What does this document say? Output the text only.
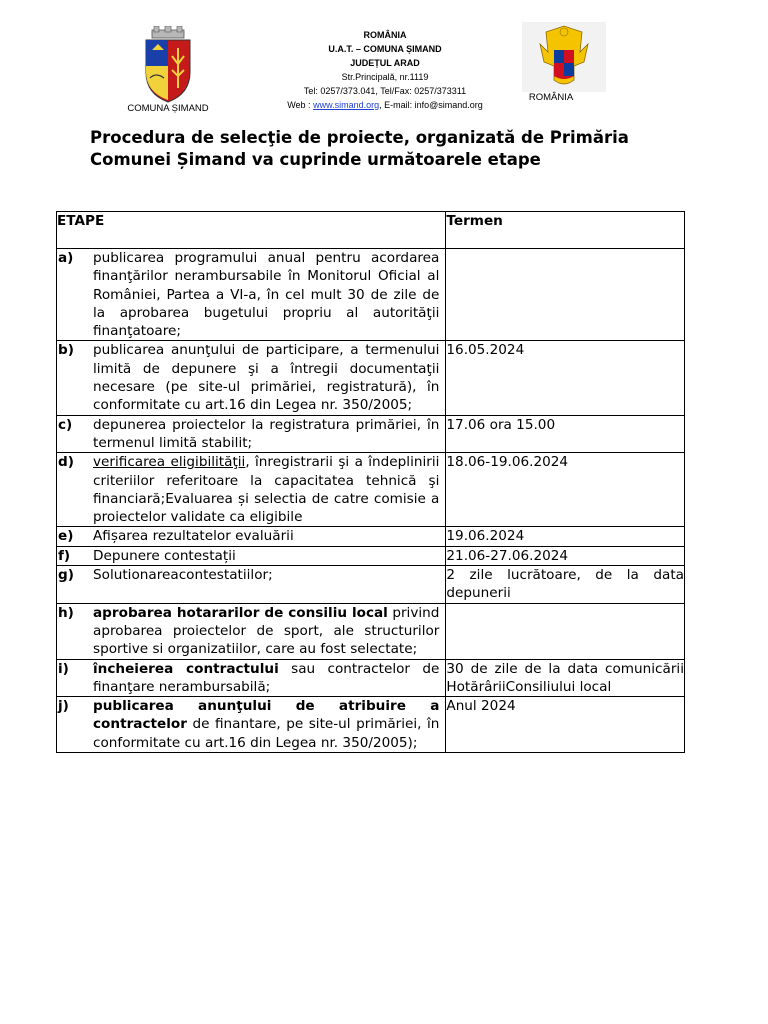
COMUNA ȘIMAND
ROMÂNIA
U.A.T. – COMUNA ȘIMAND
JUDEȚUL ARAD
Str.Principală, nr.1119
Tel: 0257/373.041, Tel/Fax: 0257/373311
Web : www.simand.org, E-mail: info@simand.org
ROMÂNIA
Procedura de selecţie de proiecte, organizată de Primăria Comunei Șimand va cuprinde următoarele etape
ETAPE	Termen

a) publicarea programului anual pentru acordarea finanţărilor nerambursabile în Monitorul Oficial al României, Partea a VI-a, în cel mult 30 de zile de la aprobarea bugetului propriu al autorităţii finanţatoare;	

b) publicarea anunţului de participare, a termenului limită de depunere şi a întregii documentaţii necesare (pe site-ul primăriei, registratură), în conformitate cu art.16 din Legea nr. 350/2005;	16.05.2024

c) depunerea proiectelor la registratura primăriei, în termenul limită stabilit;	17.06 ora 15.00

d) verificarea eligibilităţii, înregistrarii şi a îndeplinirii criteriilor referitoare la capacitatea tehnică şi financiară;Evaluarea și selectia de catre comisie a proiectelor validate ca eligibile	18.06-19.06.2024

e) Afișarea rezultatelor evaluării	19.06.2024

f) Depunere contestații	21.06-27.06.2024

g) Solutionareacontestatiilor;	2 zile lucrătoare, de la data depunerii

h) aprobarea hotararilor de consiliu local privind aprobarea proiectelor de sport, ale structurilor sportive si organizatiilor, care au fost selectate;	

i) încheierea contractului sau contractelor de finanţare nerambursabilă;	30 de zile de la data comunicării HotărâriiConsiliului local

j) publicarea anunţului de atribuire a contractelor de finantare, pe site-ul primăriei, în conformitate cu art.16 din Legea nr. 350/2005);	Anul 2024
